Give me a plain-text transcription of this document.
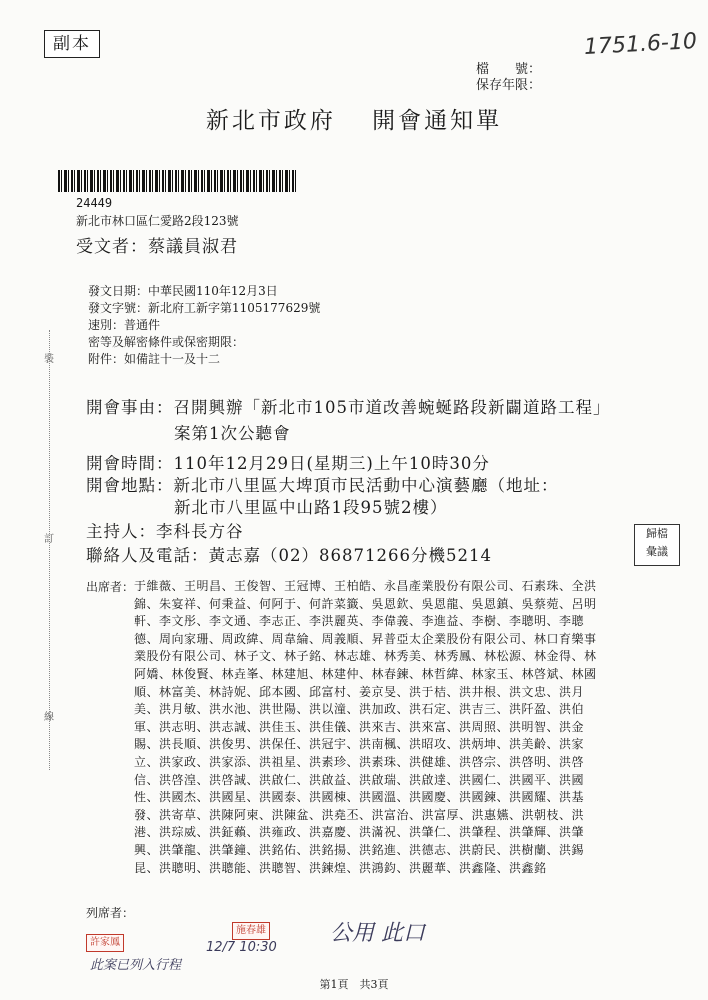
副本	1751.6-10
檔　　號：
保存年限：
新北市政府　 開會通知單
24449
新北市林口區仁愛路2段123號
受文者：蔡議員淑君
發文日期：中華民國110年12月3日
發文字號：新北府工新字第1105177629號
速別：普通件
密等及解密條件或保密期限：
附件：如備註十一及十二
裝
訂
線
開會事由：召開興辦「新北市105市道改善蜿蜒路段新闢道路工程」
案第1次公聽會
開會時間：110年12月29日(星期三)上午10時30分
開會地點：新北市八里區大埤頂市民活動中心演藝廳（地址：
新北市八里區中山路1段95號2樓）
主持人：李科長方谷
聯絡人及電話：黃志嘉（02）86871266分機5214
歸檔
彙議
出席者： 于維薇、王明昌、王俊智、王冠博、王柏皓、永昌產業股份有限公司、石素珠、全洪錦、朱宴祥、何秉益、何阿于、何許菜籤、吳恩欽、吳恩龍、吳恩鎮、吳蔡菀、呂明軒、李文彤、李文通、李志正、李洪麗英、李偉義、李進益、李樹、李聰明、李聰德、周向家珊、周政緯、周韋綸、周義順、昇普亞太企業股份有限公司、林口育樂事業股份有限公司、林子文、林子銘、林志雄、林秀美、林秀鳳、林松源、林金得、林阿嬌、林俊賢、林垚峯、林建旭、林建仲、林春鍊、林哲緯、林家玉、林啓斌、林國順、林富美、林詩妮、邱本國、邱富村、姜京旻、洪于桔、洪井根、洪文忠、洪月美、洪月敏、洪水池、洪世陽、洪以潼、洪加政、洪石定、洪吉三、洪阡盈、洪伯軍、洪志明、洪志誠、洪佳玉、洪佳儀、洪來吉、洪來富、洪周照、洪明智、洪金賜、洪長順、洪俊男、洪保任、洪冠宇、洪南楓、洪昭攻、洪炳坤、洪美齡、洪家立、洪家政、洪家添、洪祖星、洪素珍、洪素珠、洪健雄、洪啓宗、洪啓明、洪啓信、洪啓湟、洪啓誠、洪啟仁、洪啟益、洪啟瑞、洪啟達、洪國仁、洪國平、洪國性、洪國杰、洪國星、洪國泰、洪國棟、洪國溫、洪國慶、洪國鍊、洪國耀、洪基發、洪寄草、洪陳阿柬、洪陳盆、洪堯丕、洪富治、洪富厚、洪惠嬿、洪朝枝、洪港、洪琮威、洪鉦藾、洪雍政、洪嘉慶、洪滿祝、洪肇仁、洪肇程、洪肇輝、洪肇興、洪肇龍、洪肇鐘、洪銘佑、洪銘揚、洪銘進、洪德志、洪蔚民、洪樹蘭、洪錫昆、洪聰明、洪聰能、洪聰智、洪鍊煌、洪鴻鈞、洪麗華、洪鑫隆、洪鑫銘
列席者：
公用 此口
許家鳳
施春雄
此案已列入行程
12/7 10:30
第1頁　共3頁
